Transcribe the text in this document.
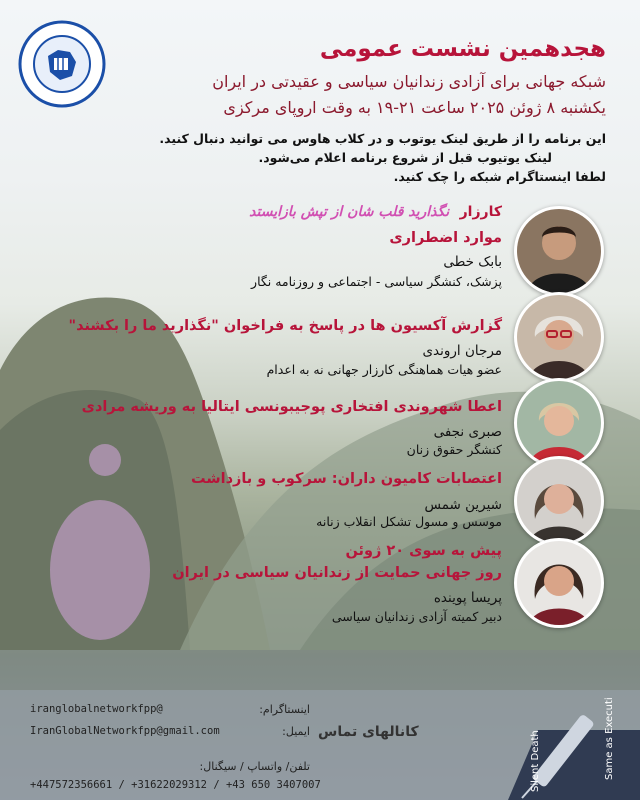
هجدهمین نشست عمومی
شبکه جهانی برای آزادی زندانیان سیاسی و عقیدتی در ایران
یکشنبه ۸ ژوئن ۲۰۲۵ ساعت ۲۱-۱۹ به وقت اروپای مرکزی
این برنامه را از طریق لینک یوتوب و در کلاب هاوس می توانید دنبال کنید.
لینک یوتیوب قبل از شروع برنامه اعلام می‌شود.
لطفا اینستاگرام شبکه را چک کنید.
کارزار نگذارید قلب شان از تپش بازایستد
موارد اضطراری
بابک خطی
پزشک، کنشگر سیاسی - اجتماعی و روزنامه نگار
گزارش آکسیون ها در پاسخ به فراخوان "نگذارید ما را بکشند"
مرجان اروندی
عضو هیات هماهنگی کارزار جهانی نه به اعدام
اعطا شهروندی افتخاری پوجیبونسی ایتالیا به وریشه مرادی
صبری نجفی
کنشگر حقوق زنان
اعتصابات کامیون داران: سرکوب و بازداشت
شیرین شمس
موسس و مسول تشکل انقلاب زنانه
پیش به سوی ۲۰ ژوئن
روز جهانی حمایت از زندانیان سیاسی در ایران
پریسا پوینده
دبیر کمیته آزادی زندانیان سیاسی
کانالهای تماس
اینستاگرام:
iranglobalnetworkfpp@
ایمیل:
IranGlobalNetworkfpp@gmail.com
تلفن/ واتساپ / سیگنال:
+447572356661 / +31622029312 / +43 650 3407007	Silent Death	Same as Executi
